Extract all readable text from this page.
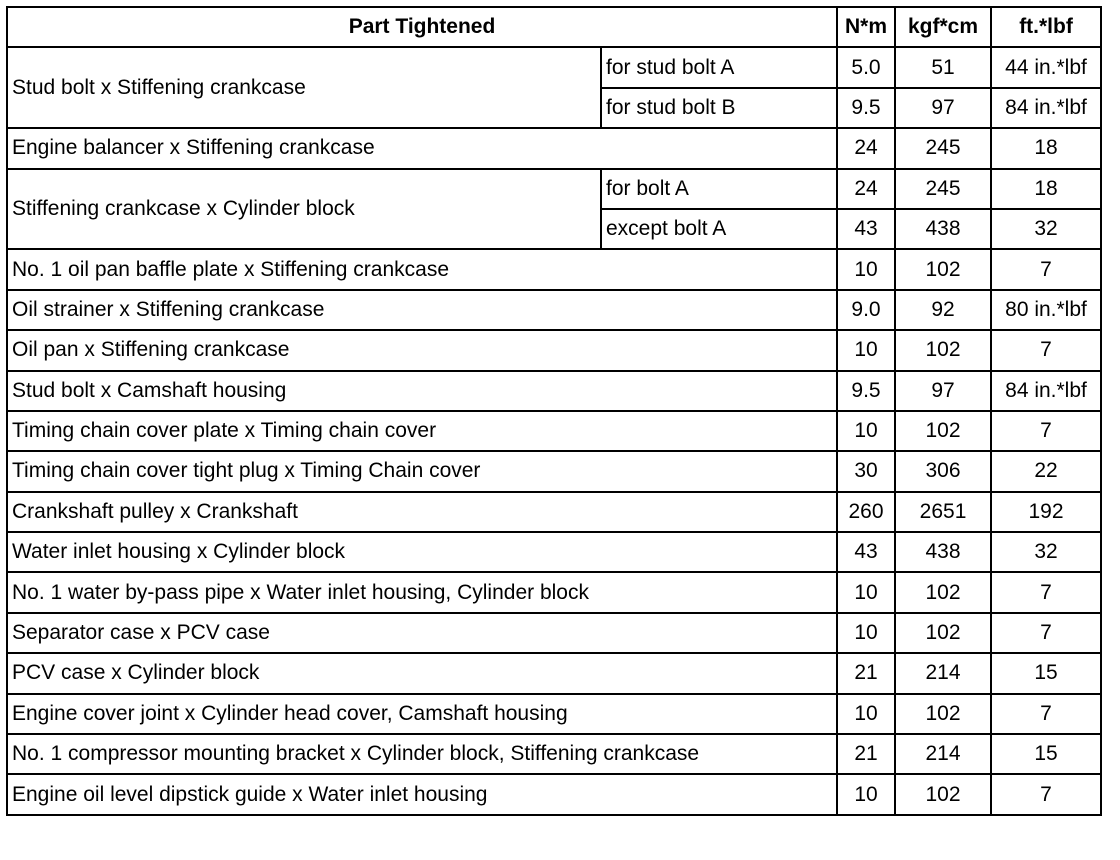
Part Tightened		N*m	kgf*cm	ft.*lbf
Stud bolt x Stiffening crankcase	for stud bolt A	5.0	51	44 in.*lbf
	for stud bolt B	9.5	97	84 in.*lbf
Engine balancer x Stiffening crankcase		24	245	18
Stiffening crankcase x Cylinder block	for bolt A	24	245	18
	except bolt A	43	438	32
No. 1 oil pan baffle plate x Stiffening crankcase		10	102	7
Oil strainer x Stiffening crankcase		9.0	92	80 in.*lbf
Oil pan x Stiffening crankcase		10	102	7
Stud bolt x Camshaft housing		9.5	97	84 in.*lbf
Timing chain cover plate x Timing chain cover		10	102	7
Timing chain cover tight plug x Timing Chain cover		30	306	22
Crankshaft pulley x Crankshaft		260	2651	192
Water inlet housing x Cylinder block		43	438	32
No. 1 water by-pass pipe x Water inlet housing, Cylinder block		10	102	7
Separator case x PCV case		10	102	7
PCV case x Cylinder block		21	214	15
Engine cover joint x Cylinder head cover, Camshaft housing		10	102	7
No. 1 compressor mounting bracket x Cylinder block, Stiffening crankcase		21	214	15
Engine oil level dipstick guide x Water inlet housing		10	102	7
